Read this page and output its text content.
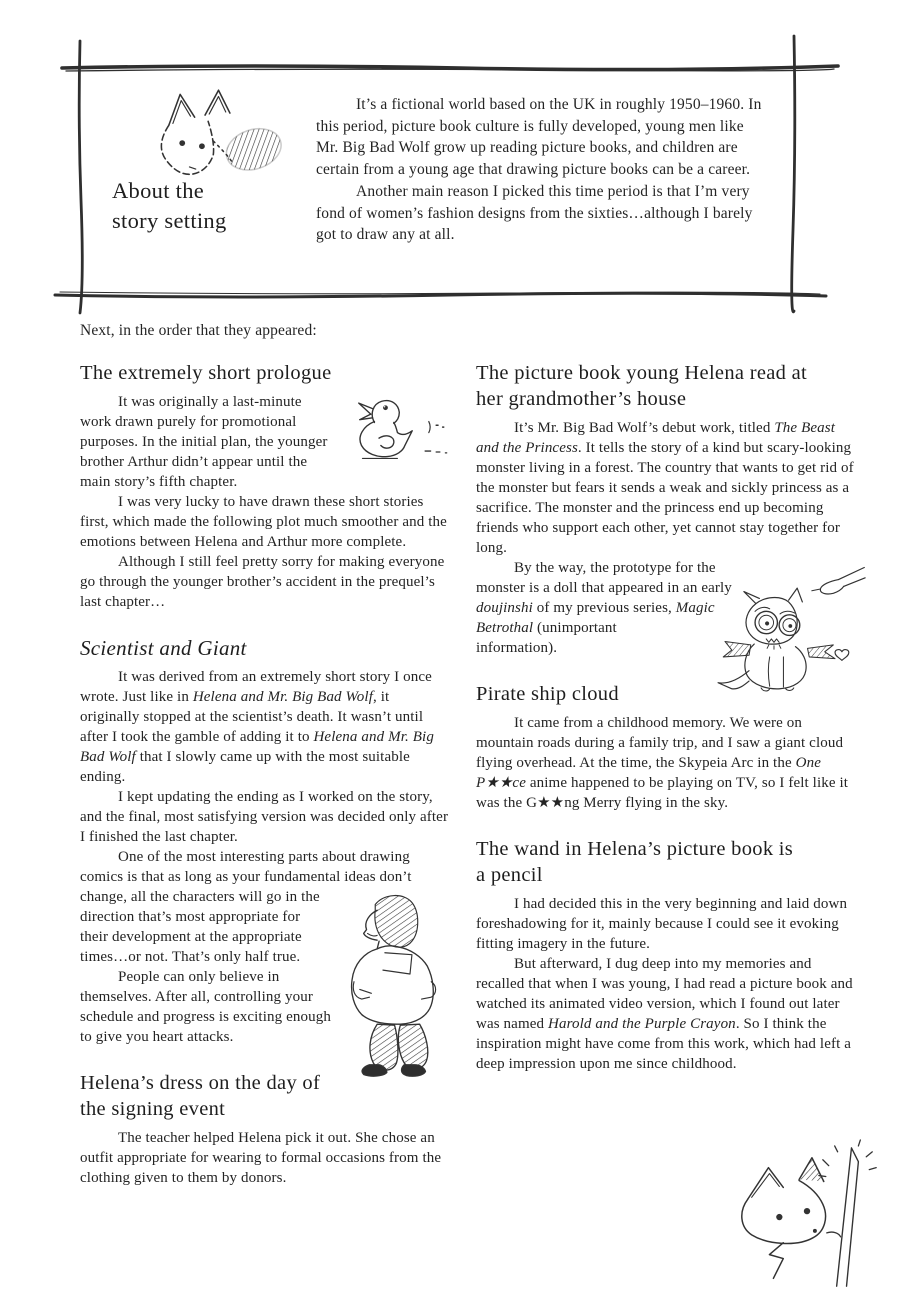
About the
story setting

It’s a fictional world based on the UK in roughly 1950–1960. In this period, picture book culture is fully developed, young men like Mr. Big Bad Wolf grow up reading picture books, and children are certain from a young age that drawing picture books can be a career.

Another main reason I picked this time period is that I’m very fond of women’s fashion designs from the sixties…although I barely got to draw any at all.

Next, in the order that they appeared:

The extremely short prologue

It was originally a last-minute work drawn purely for promotional purposes. In the initial plan, the younger brother Arthur didn’t appear until the main story’s fifth chapter.

I was very lucky to have drawn these short stories first, which made the following plot much smoother and the emotions between Helena and Arthur more complete.

Although I still feel pretty sorry for making everyone go through the younger brother’s accident in the prequel’s last chapter…

Scientist and Giant

It was derived from an extremely short story I once wrote. Just like in Helena and Mr. Big Bad Wolf, it originally stopped at the scientist’s death. It wasn’t until after I took the gamble of adding it to Helena and Mr. Big Bad Wolf that I slowly came up with the most suitable ending.

I kept updating the ending as I worked on the story, and the final, most satisfying version was decided only after I finished the last chapter.

One of the most interesting parts about drawing comics is that as long as your fundamental ideas don’t change, all the characters will go in the
direction that’s most appropriate for their development at the appropriate times…or not. That’s only half true.

People can only believe in themselves. After all, controlling your schedule and progress is exciting enough to give you heart attacks.

Helena’s dress on the day of
the signing event

The teacher helped Helena pick it out. She chose an outfit appropriate for wearing to formal occasions from the clothing given to them by donors.

The picture book young Helena read at
her grandmother’s house

It’s Mr. Big Bad Wolf’s debut work, titled The Beast and the Princess. It tells the story of a kind but scary-looking monster living in a forest. The country that wants to get rid of the monster but fears it sends a weak and sickly princess as a sacrifice. The monster and the princess end up becoming friends who support each other, yet cannot stay together for long.

By the way, the prototype for the monster is a doll that appeared in an early doujinshi of my previous series, Magic Betrothal (unimportant information).

Pirate ship cloud

It came from a childhood memory. We were on mountain roads during a family trip, and I saw a giant cloud flying overhead. At the time, the Skypeia Arc in the One P★★ce anime happened to be playing on TV, so I felt like it was the G★★ng Merry flying in the sky.

The wand in Helena’s picture book is
a pencil

I had decided this in the very beginning and laid down foreshadowing for it, mainly because I could see it evoking fitting imagery in the future.

But afterward, I dug deep into my memories and recalled that when I was young, I had read a picture book and watched its animated video version, which I found out later was named Harold and the Purple Crayon. So I think the inspiration might have come from this work, which had left a deep impression upon me since childhood.
